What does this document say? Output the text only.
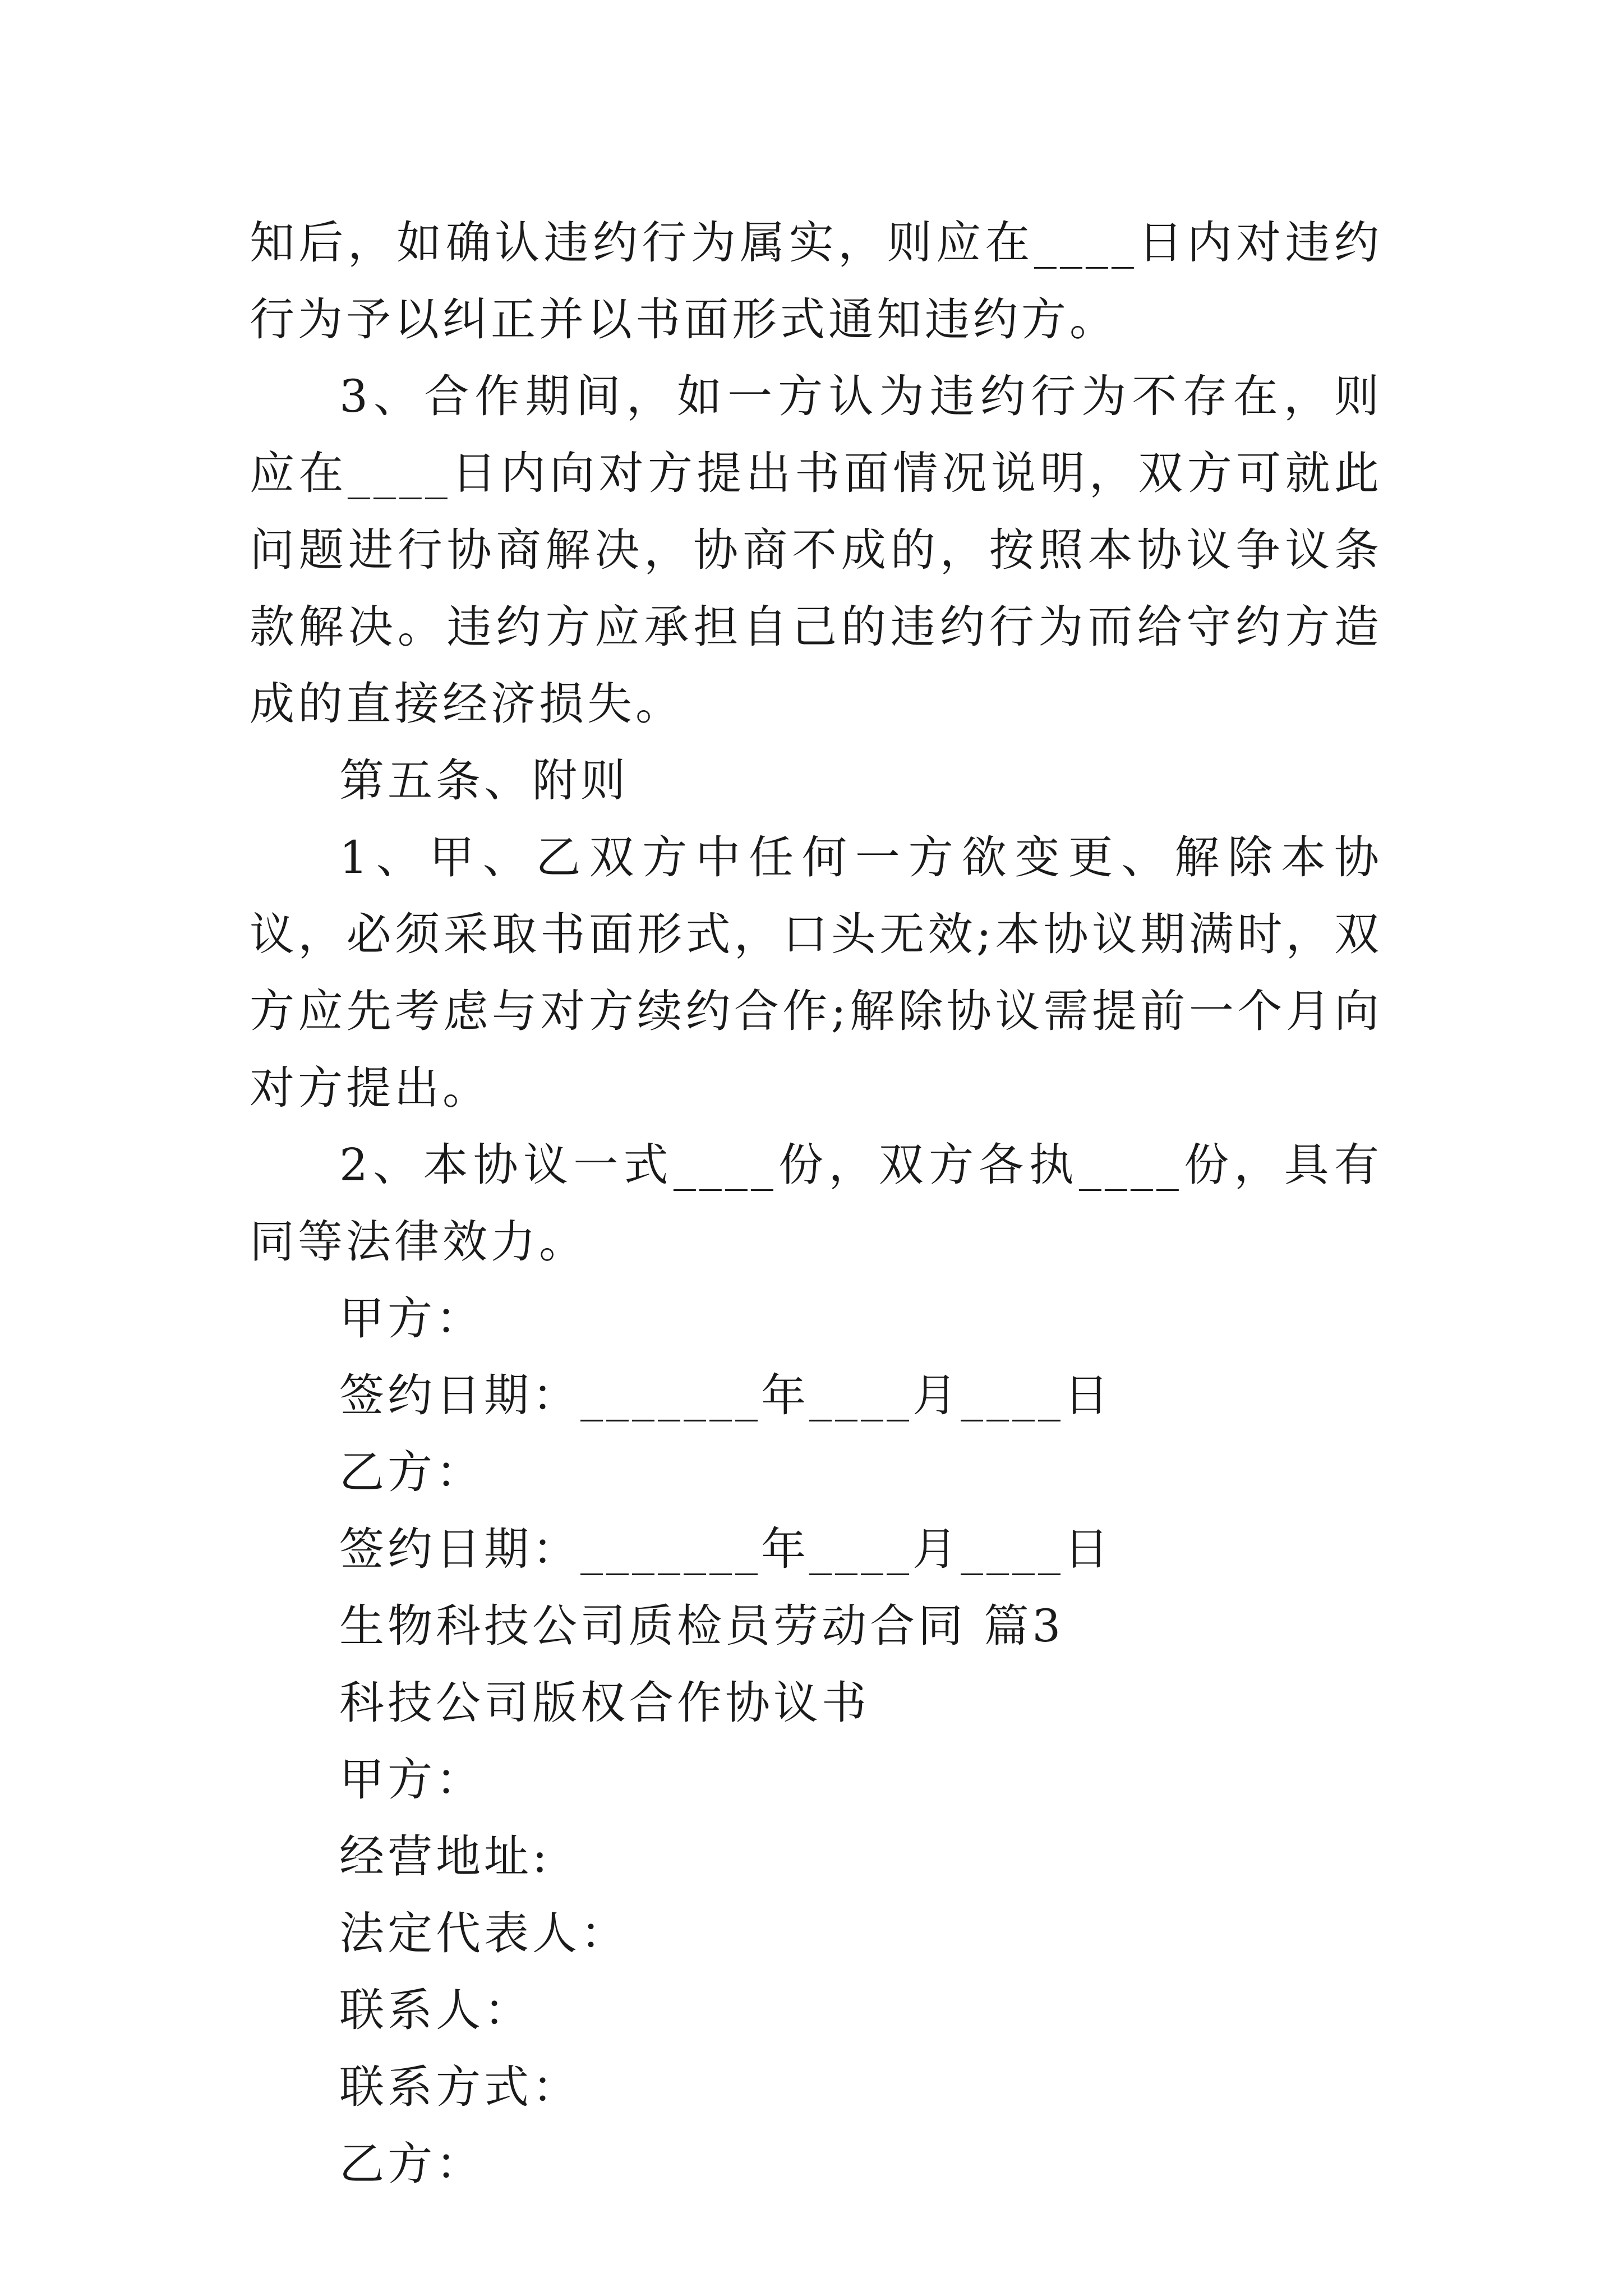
知后，如确认违约行为属实，则应在____日内对违约行为予以纠正并以书面形式通知违约方。

3、合作期间，如一方认为违约行为不存在，则应在____日内向对方提出书面情况说明，双方可就此问题进行协商解决，协商不成的，按照本协议争议条款解决。违约方应承担自己的违约行为而给守约方造成的直接经济损失。

第五条、附则

1、甲、乙双方中任何一方欲变更、解除本协议，必须采取书面形式，口头无效;本协议期满时，双方应先考虑与对方续约合作;解除协议需提前一个月向对方提出。

2、本协议一式____份，双方各执____份，具有同等法律效力。

甲方：

签约日期：_______年____月____日

乙方：

签约日期：_______年____月____日

生物科技公司质检员劳动合同 篇3

科技公司版权合作协议书

甲方：

经营地址:

法定代表人：

联系人：

联系方式：

乙方：
